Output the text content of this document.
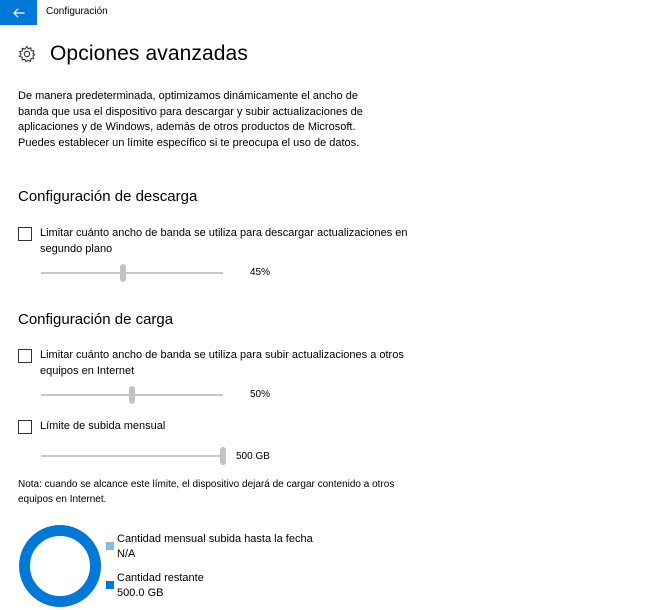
Configuración
Opciones avanzadas
De manera predeterminada, optimizamos dinámicamente el ancho de banda que usa el dispositivo para descargar y subir actualizaciones de aplicaciones y de Windows, además de otros productos de Microsoft. Puedes establecer un límite específico si te preocupa el uso de datos.
Configuración de descarga
Limitar cuánto ancho de banda se utiliza para descargar actualizaciones en segundo plano
45%
Configuración de carga
Limitar cuánto ancho de banda se utiliza para subir actualizaciones a otros equipos en Internet
50%
Límite de subida mensual
500 GB
Nota: cuando se alcance este límite, el dispositivo dejará de cargar contenido a otros equipos en Internet.
Cantidad mensual subida hasta la fecha
N/A
Cantidad restante
500.0 GB
